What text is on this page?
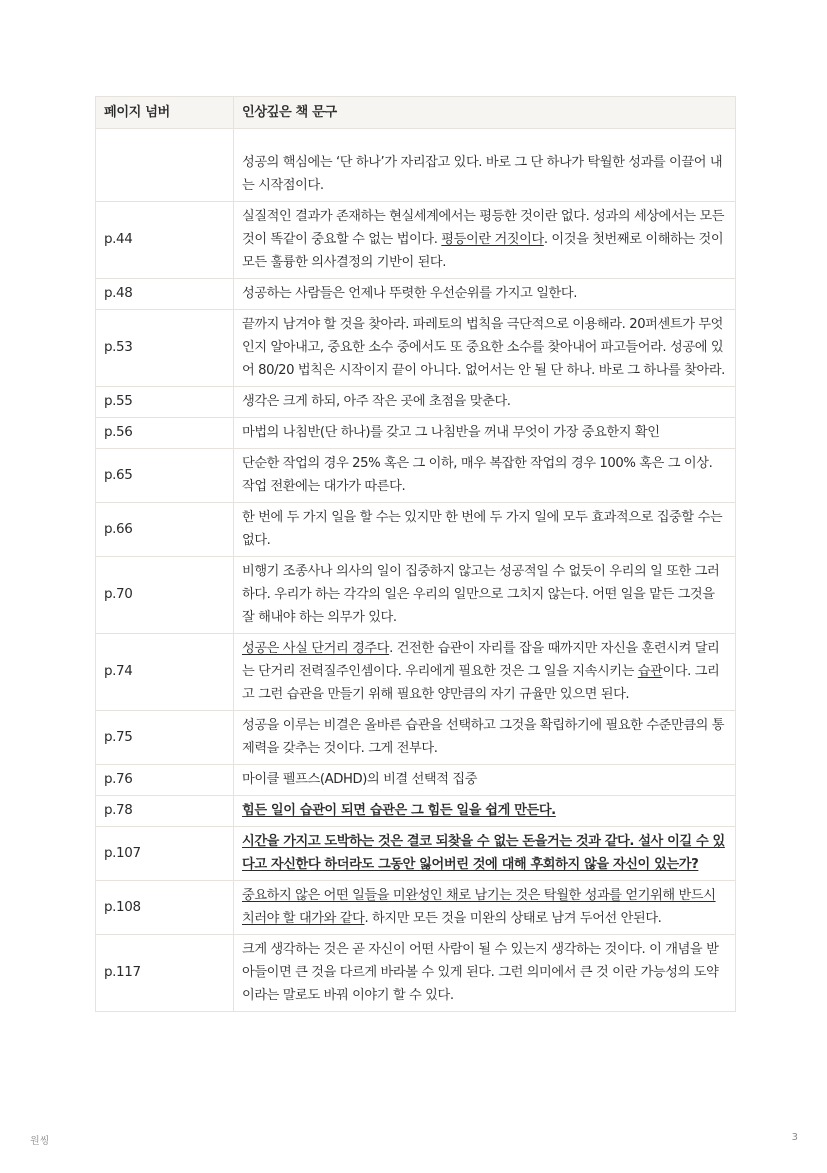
페이지 넘버	인상깊은 책 문구
	성공의 핵심에는 ‘단 하나’가 자리잡고 있다. 바로 그 단 하나가 탁월한 성과를 이끌어 내는 시작점이다.
p.44	실질적인 결과가 존재하는 현실세계에서는 평등한 것이란 없다. 성과의 세상에서는 모든 것이 똑같이 중요할 수 없는 법이다. 평등이란 거짓이다. 이것을 첫번째로 이해하는 것이 모든 훌륭한 의사결정의 기반이 된다.
p.48	성공하는 사람들은 언제나 뚜렷한 우선순위를 가지고 일한다.
p.53	끝까지 남겨야 할 것을 찾아라. 파레토의 법칙을 극단적으로 이용해라. 20퍼센트가 무엇인지 알아내고, 중요한 소수 중에서도 또 중요한 소수를 찾아내어 파고들어라. 성공에 있어 80/20 법칙은 시작이지 끝이 아니다. 없어서는 안 될 단 하나. 바로 그 하나를 찾아라.
p.55	생각은 크게 하되, 아주 작은 곳에 초점을 맞춘다.
p.56	마법의 나침반(단 하나)를 갖고 그 나침반을 꺼내 무엇이 가장 중요한지 확인
p.65	단순한 작업의 경우 25% 혹은 그 이하, 매우 복잡한 작업의 경우 100% 혹은 그 이상. 작업 전환에는 대가가 따른다.
p.66	한 번에 두 가지 일을 할 수는 있지만 한 번에 두 가지 일에 모두 효과적으로 집중할 수는 없다.
p.70	비행기 조종사나 의사의 일이 집중하지 않고는 성공적일 수 없듯이 우리의 일 또한 그러하다. 우리가 하는 각각의 일은 우리의 일만으로 그치지 않는다. 어떤 일을 맡든 그것을 잘 해내야 하는 의무가 있다.
p.74	성공은 사실 단거리 경주다. 건전한 습관이 자리를 잡을 때까지만 자신을 훈련시켜 달리는 단거리 전력질주인셈이다. 우리에게 필요한 것은 그 일을 지속시키는 습관이다. 그리고 그런 습관을 만들기 위해 필요한 양만큼의 자기 규율만 있으면 된다.
p.75	성공을 이루는 비결은 올바른 습관을 선택하고 그것을 확립하기에 필요한 수준만큼의 통제력을 갖추는 것이다. 그게 전부다.
p.76	마이클 펠프스(ADHD)의 비결 선택적 집중
p.78	힘든 일이 습관이 되면 습관은 그 힘든 일을 쉽게 만든다.
p.107	시간을 가지고 도박하는 것은 결코 되찾을 수 없는 돈을거는 것과 같다. 설사 이길 수 있다고 자신한다 하더라도 그동안 잃어버린 것에 대해 후회하지 않을 자신이 있는가?
p.108	중요하지 않은 어떤 일들을 미완성인 채로 남기는 것은 탁월한 성과를 얻기위해 반드시 치러야 할 대가와 같다. 하지만 모든 것을 미완의 상태로 남겨 두어선 안된다.
p.117	크게 생각하는 것은 곧 자신이 어떤 사람이 될 수 있는지 생각하는 것이다. 이 개념을 받아들이면 큰 것을 다르게 바라볼 수 있게 된다. 그런 의미에서 큰 것 이란 가능성의 도약이라는 말로도 바꿔 이야기 할 수 있다.
원씽	3
